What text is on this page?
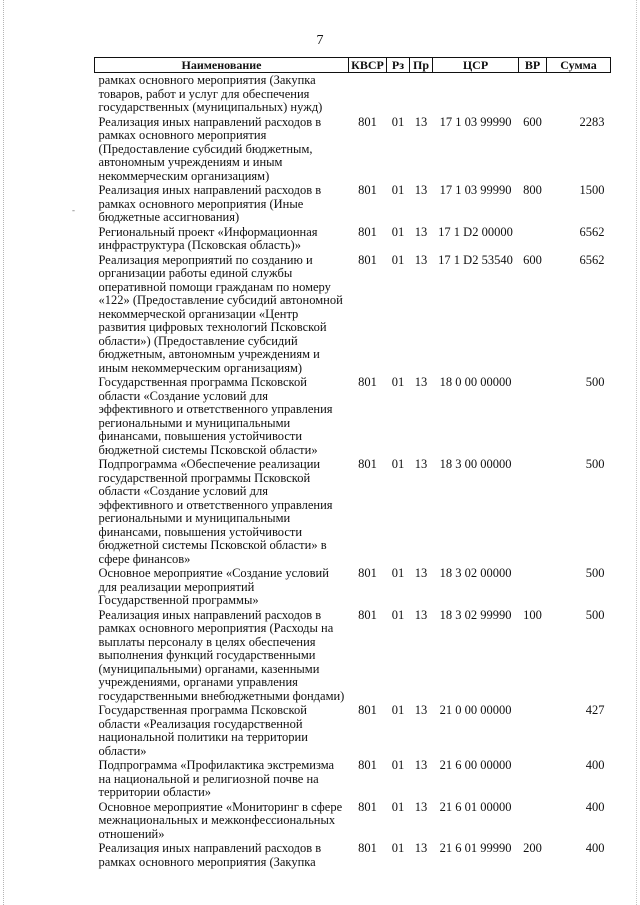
-
7
Наименование	КВСР	Рз	Пр	ЦСР	ВР	Сумма
рамках основного мероприятия (Закупка товаров, работ и услуг для обеспечения государственных (муниципальных) нужд)						
Реализация иных направлений расходов в рамках основного мероприятия (Предоставление субсидий бюджетным, автономным учреждениям и иным некоммерческим организациям)	801	01	13	17 1 03 99990	600	2283
Реализация иных направлений расходов в рамках основного мероприятия (Иные бюджетные ассигнования)	801	01	13	17 1 03 99990	800	1500
Региональный проект «Информационная инфраструктура (Псковская область)»	801	01	13	17 1 D2 00000		6562
Реализация мероприятий по созданию и организации работы единой службы оперативной помощи гражданам по номеру «122» (Предоставление субсидий автономной некоммерческой организации «Центр развития цифровых технологий Псковской области») (Предоставление субсидий бюджетным, автономным учреждениям и иным некоммерческим организациям)	801	01	13	17 1 D2 53540	600	6562
Государственная программа Псковской области «Создание условий для эффективного и ответственного управления региональными и муниципальными финансами, повышения устойчивости бюджетной системы Псковской области»	801	01	13	18 0 00 00000		500
Подпрограмма «Обеспечение реализации государственной программы Псковской области «Создание условий для эффективного и ответственного управления региональными и муниципальными финансами, повышения устойчивости бюджетной системы Псковской области» в сфере финансов»	801	01	13	18 3 00 00000		500
Основное мероприятие «Создание условий для реализации мероприятий Государственной программы»	801	01	13	18 3 02 00000		500
Реализация иных направлений расходов в рамках основного мероприятия (Расходы на выплаты персоналу в целях обеспечения выполнения функций государственными (муниципальными) органами, казенными учреждениями, органами управления государственными внебюджетными фондами)	801	01	13	18 3 02 99990	100	500
Государственная программа Псковской области «Реализация государственной национальной политики на территории области»	801	01	13	21 0 00 00000		427
Подпрограмма «Профилактика экстремизма на национальной и религиозной почве на территории области»	801	01	13	21 6 00 00000		400
Основное мероприятие «Мониторинг в сфере межнациональных и межконфессиональных отношений»	801	01	13	21 6 01 00000		400
Реализация иных направлений расходов в рамках основного мероприятия (Закупка	801	01	13	21 6 01 99990	200	400
